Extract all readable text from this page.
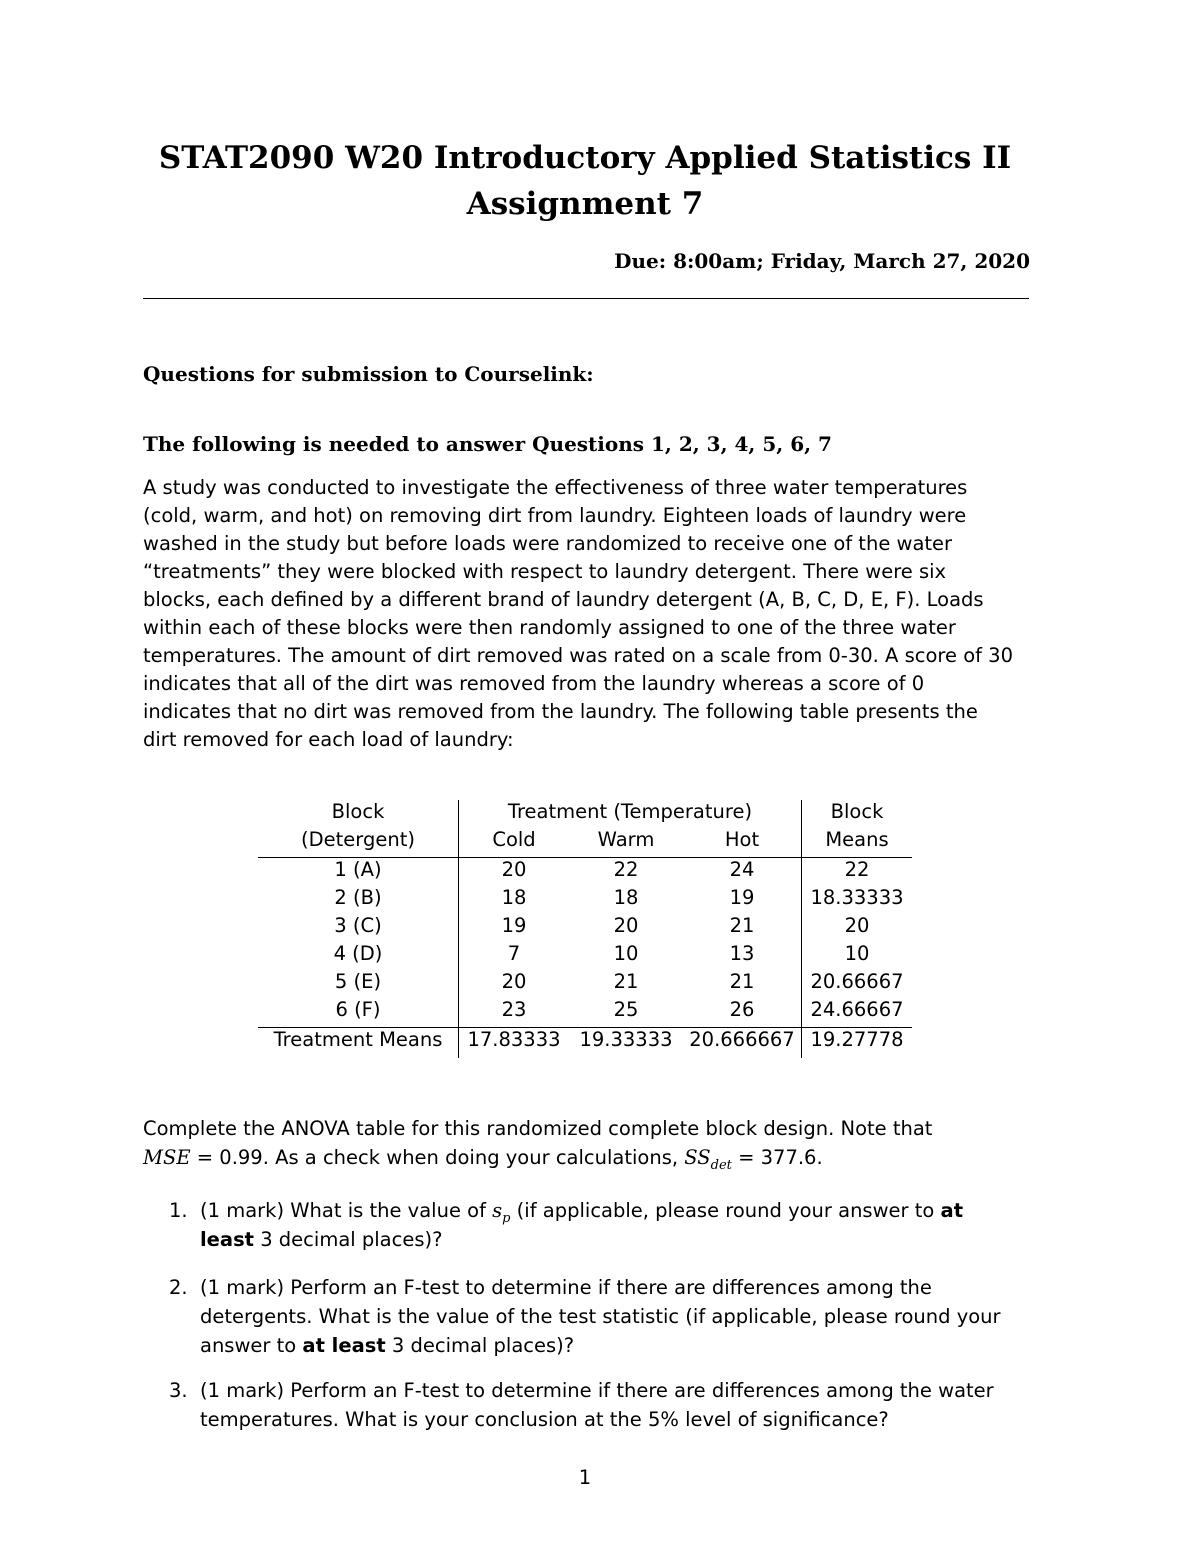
STAT2090 W20 Introductory Applied Statistics II
Assignment 7
Due: 8:00am; Friday, March 27, 2020
Questions for submission to Courselink:
The following is needed to answer Questions 1, 2, 3, 4, 5, 6, 7
A study was conducted to investigate the effectiveness of three water temperatures
(cold, warm, and hot) on removing dirt from laundry. Eighteen loads of laundry were
washed in the study but before loads were randomized to receive one of the water
“treatments” they were blocked with respect to laundry detergent. There were six
blocks, each defined by a different brand of laundry detergent (A, B, C, D, E, F). Loads
within each of these blocks were then randomly assigned to one of the three water
temperatures. The amount of dirt removed was rated on a scale from 0-30. A score of 30
indicates that all of the dirt was removed from the laundry whereas a score of 0
indicates that no dirt was removed from the laundry. The following table presents the
dirt removed for each load of laundry:
Block	Treatment (Temperature)	Block
(Detergent)	Cold	Warm	Hot	Means
1 (A)	20	22	24	22
2 (B)	18	18	19	18.33333
3 (C)	19	20	21	20
4 (D)	7	10	13	10
5 (E)	20	21	21	20.66667
6 (F)	23	25	26	24.66667
Treatment Means	17.83333 19.33333 20.666667 19.27778
Complete the ANOVA table for this randomized complete block design. Note that
MSE = 0.99. As a check when doing your calculations, $SS_{det} = 377.6$.
1. (1 mark) What is the value of $s_p$ (if applicable, please round your answer to at
least 3 decimal places)?
2. (1 mark) Perform an F-test to determine if there are differences among the
detergents. What is the value of the test statistic (if applicable, please round your
answer to at least 3 decimal places)?
3. (1 mark) Perform an F-test to determine if there are differences among the water
temperatures. What is your conclusion at the 5% level of significance?
1
